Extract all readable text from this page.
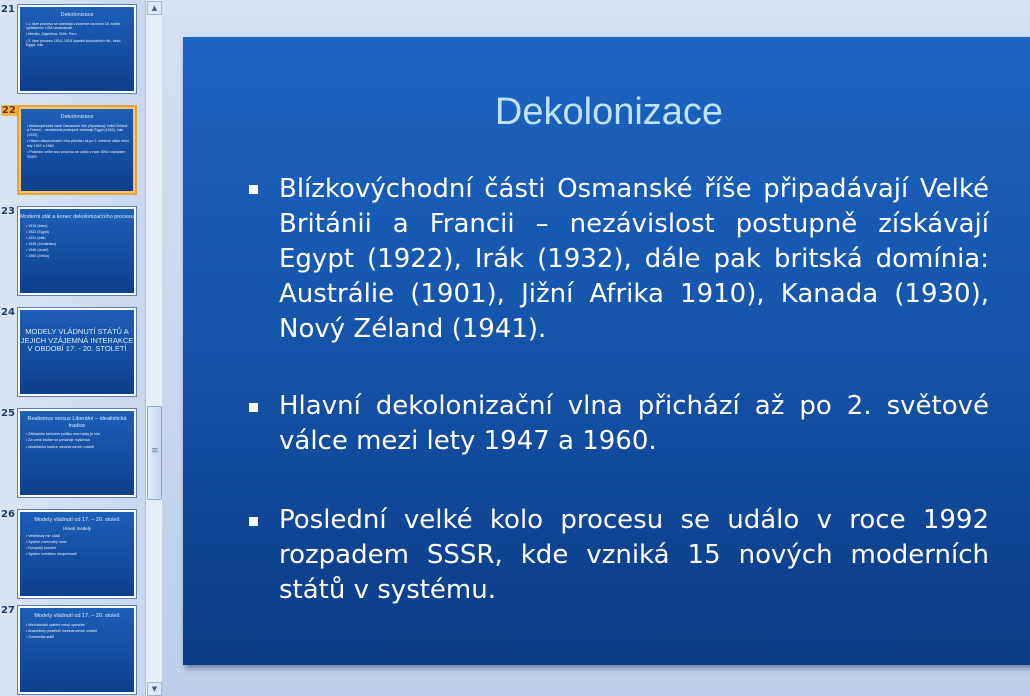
21	Dekolonizace
• 1. fáze procesu se odehrála v Americe na konci 18. století vyhlášením USA nezávislosti
• Mexiko, Argentina, Chile, Peru
• 2. fáze procesu 1914–1918 úpadek koloniálních říší, Irsko, Egypt, Irák
22
Dekolonizace
• Blízkovýchodní části Osmanské říše připadávají Velké Británii a Francii – nezávislost postupně získávají Egypt (1922), Irák (1932)
• Hlavní dekolonizační vlna přichází až po 2. světové válce mezi lety 1947 a 1960.
• Poslední velké kolo procesu se událo v roce 1992 rozpadem SSSR
23 Moderní stát a konec dekolonizačního procesu
• 1918 (Irsko)
• 1922 (Egypt)
• 1932 (Irák)
• 1946 (Jordánsko)
• 1948 (Izrael)
• 1960 (Afrika)
24
MODELY VLÁDNUTÍ STÁTŮ A JEJICH VZÁJEMNÁ INTERAKCE V OBDOBÍ 17. - 20. STOLETÍ
25	Realismus versus Liberální – idealistická tradice
• Základním faktorem politiky mezi státy je síla
• Za vznik tradice se považuje myšlenka
• Idealistická tradice mezinárodních vztahů
26	Modely vládnutí od 17. – 20. století
Hlavní modely
• Vestfálský mír 1648
• Systém rovnováhy moci
• Evropský koncert
• Systém kolektivní bezpečnosti
27	Modely vládnutí od 17. – 20. století
• Mezinárodní systém nebyl vytvořen
• Anarchický prostředí mezinárodních vztahů
• Suverenita států
▲
≡
▼
Dekolonizace
Blízkovýchodní části Osmanské říše připadávají Velké Británii a Francii – nezávislost postupně získávají Egypt (1922), Irák (1932), dále pak britská domínia: Austrálie (1901), Jižní Afrika 1910), Kanada (1930), Nový Zéland (1941).
Hlavní dekolonizační vlna přichází až po 2. světové válce mezi lety 1947 a 1960.
Poslední velké kolo procesu se událo v roce 1992 rozpadem SSSR, kde vzniká 15 nových moderních států v systému.
